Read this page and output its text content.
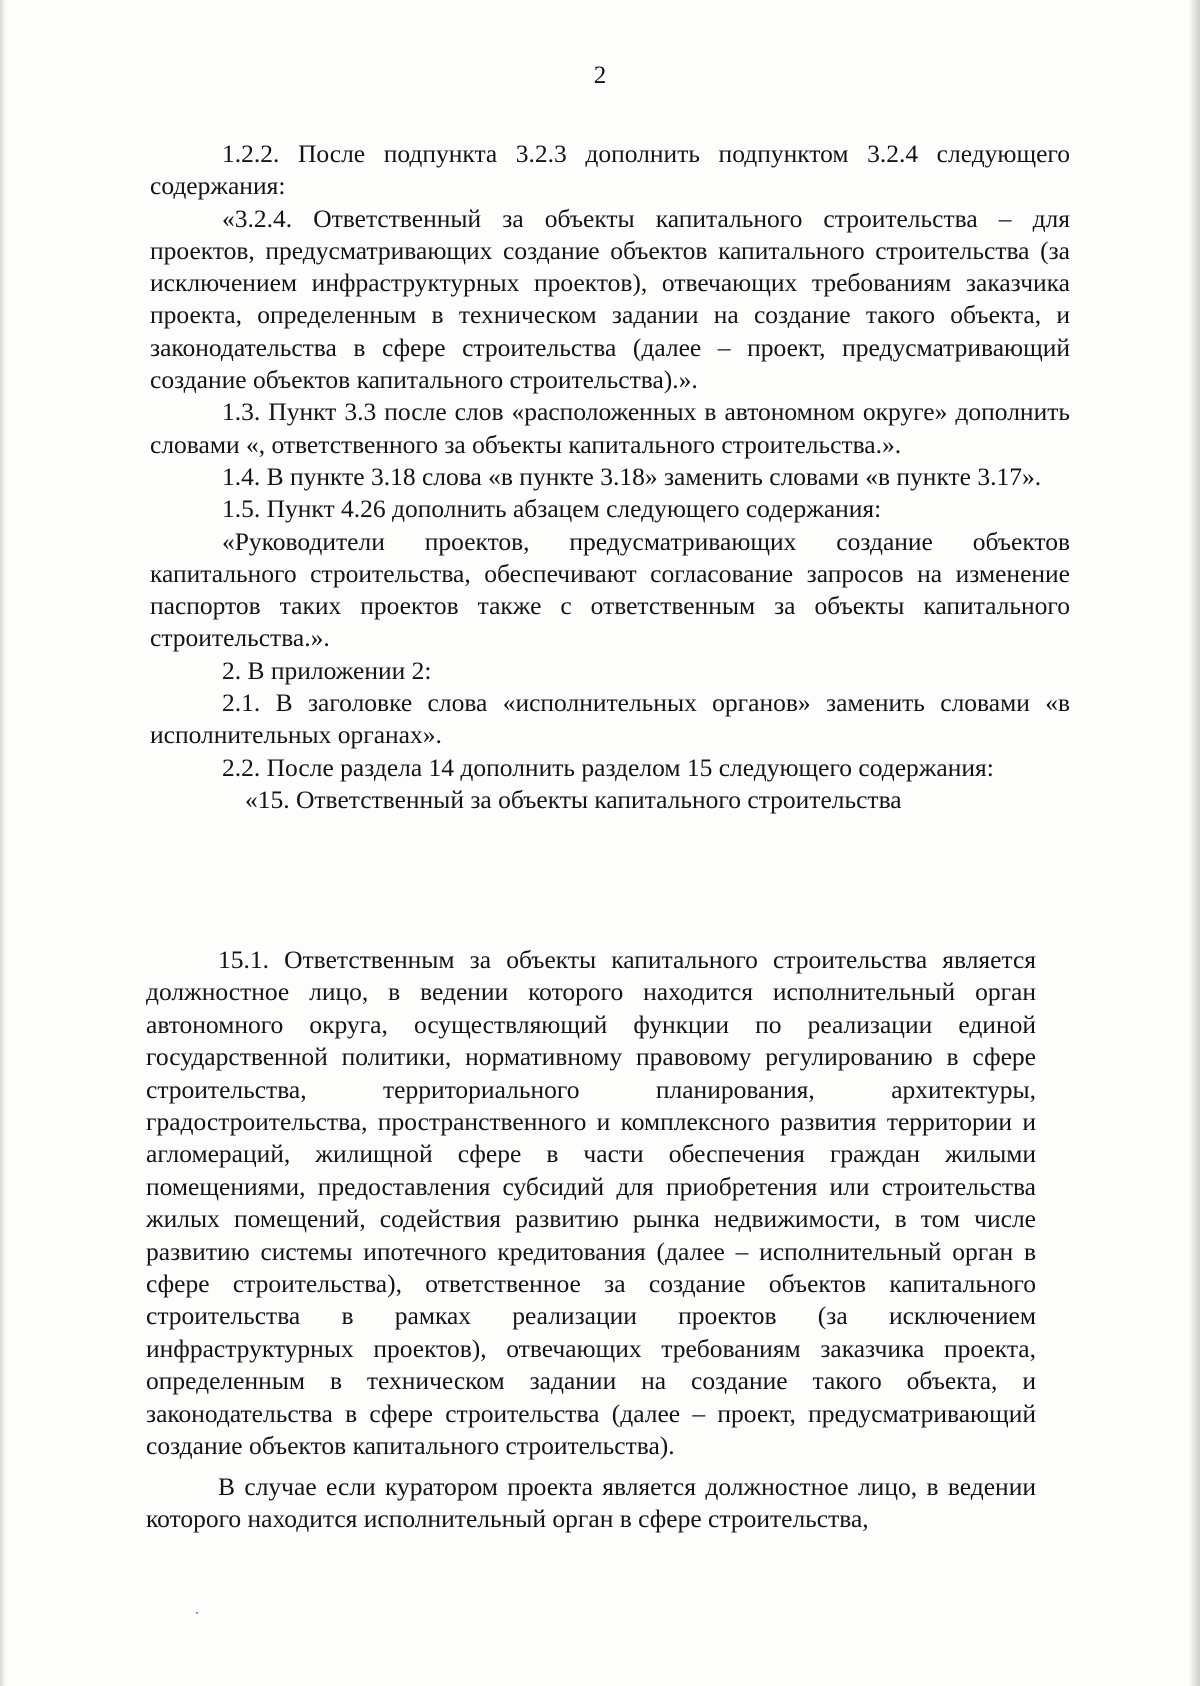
2

1.2.2. После подпункта 3.2.3 дополнить подпунктом 3.2.4 следующего содержания:

«3.2.4. Ответственный за объекты капитального строительства – для проектов, предусматривающих создание объектов капитального строительства (за исключением инфраструктурных проектов), отвечающих требованиям заказчика проекта, определенным в техническом задании на создание такого объекта, и законодательства в сфере строительства (далее – проект, предусматривающий создание объектов капитального строительства).».

1.3. Пункт 3.3 после слов «расположенных в автономном округе» дополнить словами «, ответственного за объекты капитального строительства.».

1.4. В пункте 3.18 слова «в пункте 3.18» заменить словами «в пункте 3.17».

1.5. Пункт 4.26 дополнить абзацем следующего содержания:

«Руководители проектов, предусматривающих создание объектов капитального строительства, обеспечивают согласование запросов на изменение паспортов таких проектов также с ответственным за объекты капитального строительства.».

2. В приложении 2:

2.1. В заголовке слова «исполнительных органов» заменить словами «в исполнительных органах».

2.2. После раздела 14 дополнить разделом 15 следующего содержания:

«15. Ответственный за объекты капитального строительства

15.1. Ответственным за объекты капитального строительства является должностное лицо, в ведении которого находится исполнительный орган автономного округа, осуществляющий функции по реализации единой государственной политики, нормативному правовому регулированию в сфере строительства, территориального планирования, архитектуры, градостроительства, пространственного и комплексного развития территории и агломераций, жилищной сфере в части обеспечения граждан жилыми помещениями, предоставления субсидий для приобретения или строительства жилых помещений, содействия развитию рынка недвижимости, в том числе развитию системы ипотечного кредитования (далее – исполнительный орган в сфере строительства), ответственное за создание объектов капитального строительства в рамках реализации проектов (за исключением инфраструктурных проектов), отвечающих требованиям заказчика проекта, определенным в техническом задании на создание такого объекта, и законодательства в сфере строительства (далее – проект, предусматривающий создание объектов капитального строительства).

В случае если куратором проекта является должностное лицо, в ведении которого находится исполнительный орган в сфере строительства,
